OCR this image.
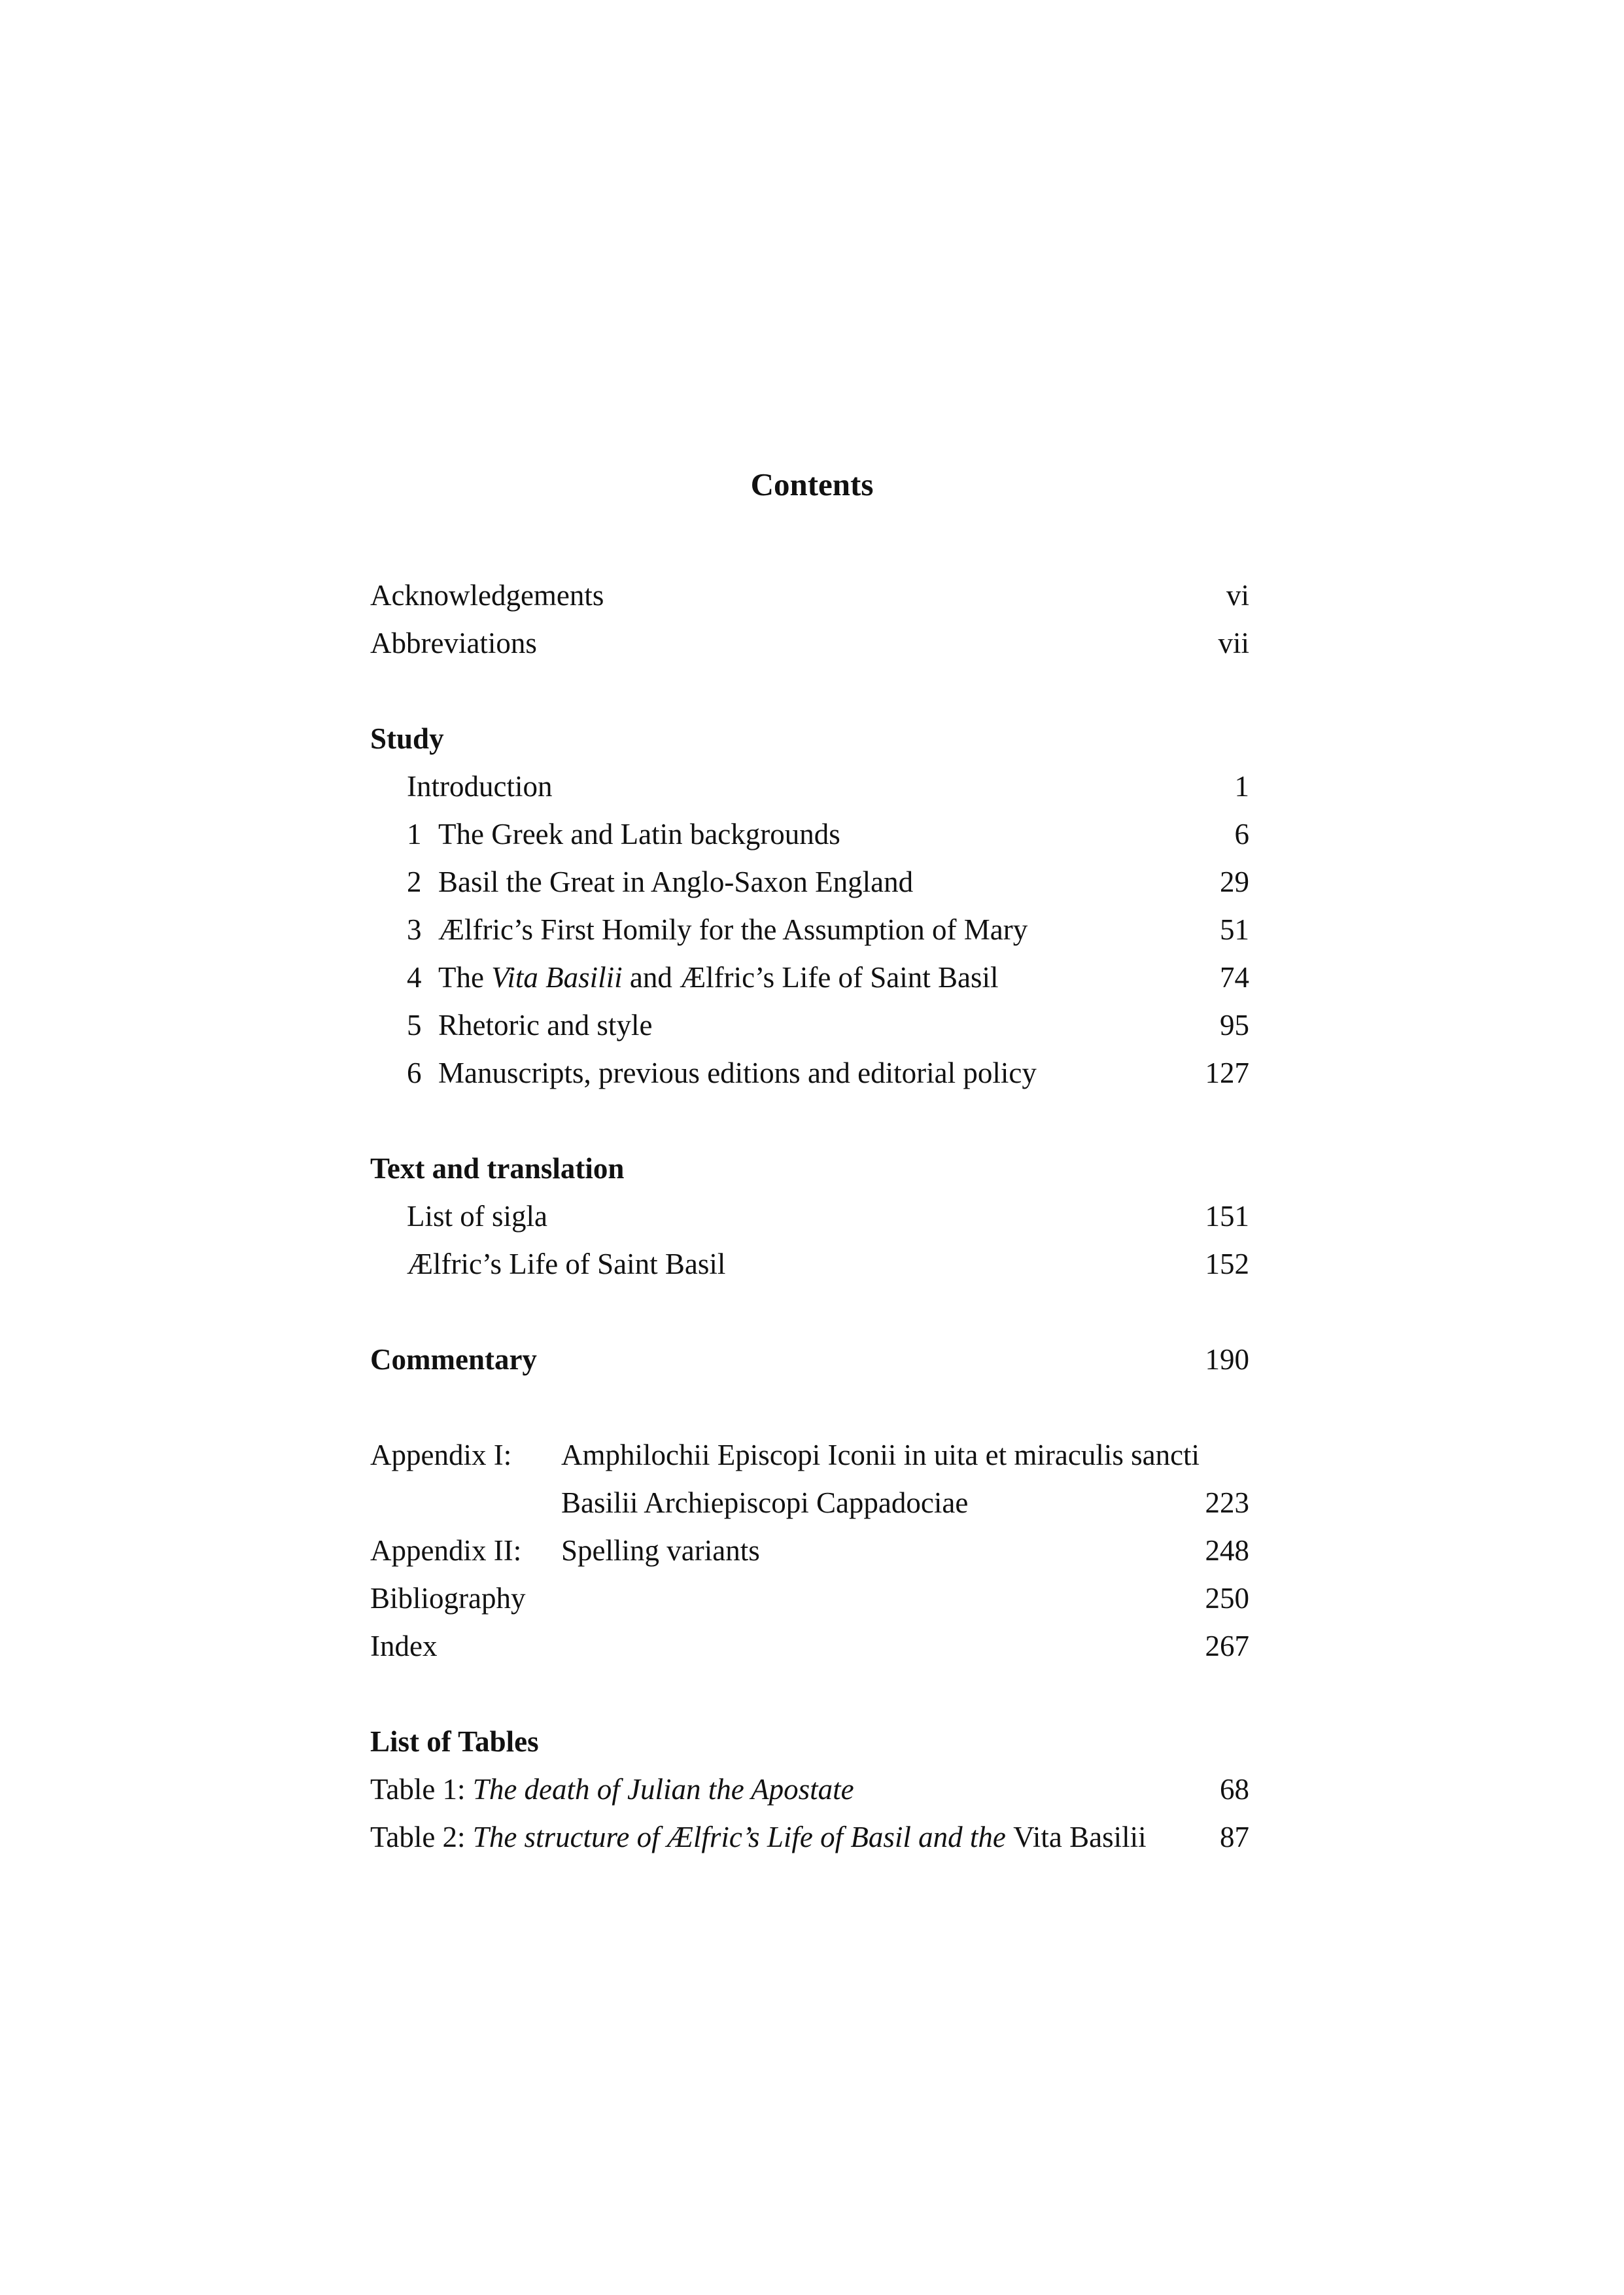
Contents
Acknowledgements	vi
Abbreviations	vii
Study
Introduction	1
1 The Greek and Latin backgrounds	6
2 Basil the Great in Anglo-Saxon England	29
3 Ælfric’s First Homily for the Assumption of Mary	51
4 The Vita Basilii and Ælfric’s Life of Saint Basil	74
5 Rhetoric and style	95
6 Manuscripts, previous editions and editorial policy	127
Text and translation
List of sigla	151
Ælfric’s Life of Saint Basil	152
Commentary	190
Appendix I: Amphilochii Episcopi Iconii in uita et miraculis sancti
Basilii Archiepiscopi Cappadociae	223
Appendix II: Spelling variants	248
Bibliography	250
Index	267
List of Tables
Table 1: The death of Julian the Apostate	68
Table 2: The structure of Ælfric’s Life of Basil and the Vita Basilii 87
